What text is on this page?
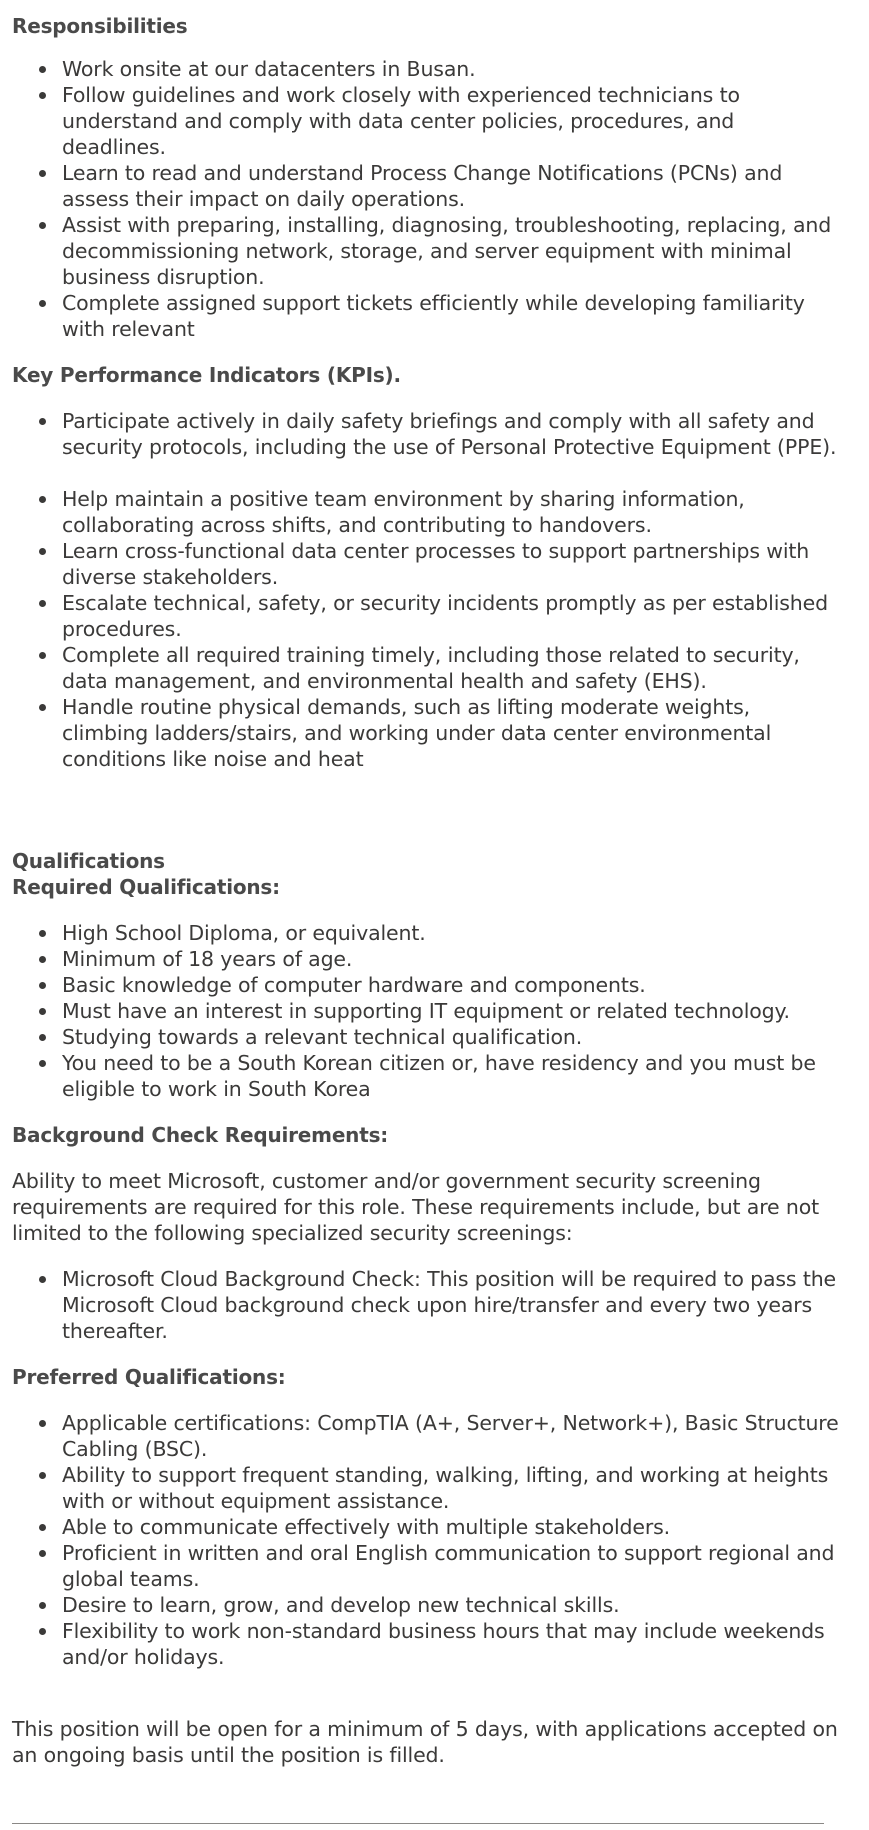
Responsibilities
Work onsite at our datacenters in Busan.
Follow guidelines and work closely with experienced technicians to understand and comply with data center policies, procedures, and deadlines.
Learn to read and understand Process Change Notifications (PCNs) and assess their impact on daily operations.
Assist with preparing, installing, diagnosing, troubleshooting, replacing, and decommissioning network, storage, and server equipment with minimal business disruption.
Complete assigned support tickets efficiently while developing familiarity with relevant
Key Performance Indicators (KPIs).
Participate actively in daily safety briefings and comply with all safety and security protocols, including the use of Personal Protective Equipment (PPE).
Help maintain a positive team environment by sharing information, collaborating across shifts, and contributing to handovers.
Learn cross-functional data center processes to support partnerships with diverse stakeholders.
Escalate technical, safety, or security incidents promptly as per established procedures.
Complete all required training timely, including those related to security, data management, and environmental health and safety (EHS).
Handle routine physical demands, such as lifting moderate weights, climbing ladders/stairs, and working under data center environmental conditions like noise and heat
Qualifications
Required Qualifications:
High School Diploma, or equivalent.
Minimum of 18 years of age.
Basic knowledge of computer hardware and components.
Must have an interest in supporting IT equipment or related technology.
Studying towards a relevant technical qualification.
You need to be a South Korean citizen or, have residency and you must be eligible to work in South Korea
Background Check Requirements:

Ability to meet Microsoft, customer and/or government security screening requirements are required for this role. These requirements include, but are not limited to the following specialized security screenings:

Microsoft Cloud Background Check: This position will be required to pass the Microsoft Cloud background check upon hire/transfer and every two years thereafter.
Preferred Qualifications:
Applicable certifications: CompTIA (A+, Server+, Network+), Basic Structure Cabling (BSC).
Ability to support frequent standing, walking, lifting, and working at heights with or without equipment assistance.
Able to communicate effectively with multiple stakeholders.
Proficient in written and oral English communication to support regional and global teams.
Desire to learn, grow, and develop new technical skills.
Flexibility to work non-standard business hours that may include weekends and/or holidays.

This position will be open for a minimum of 5 days, with applications accepted on an ongoing basis until the position is filled.
